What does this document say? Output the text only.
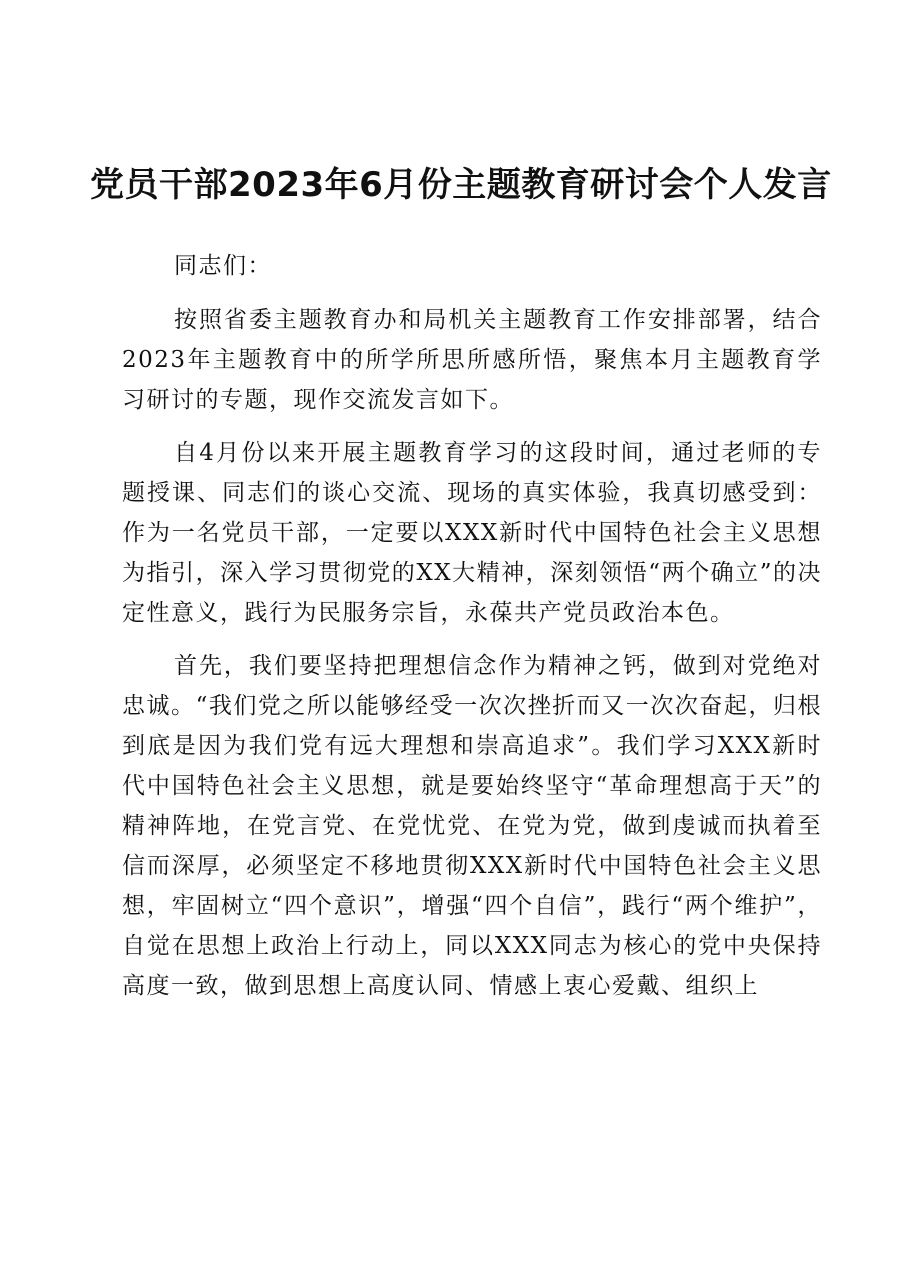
党员干部2023年6月份主题教育研讨会个人发言

同志们：

按照省委主题教育办和局机关主题教育工作安排部署，结合2023年主题教育中的所学所思所感所悟，聚焦本月主题教育学习研讨的专题，现作交流发言如下。

自4月份以来开展主题教育学习的这段时间，通过老师的专题授课、同志们的谈心交流、现场的真实体验，我真切感受到：作为一名党员干部，一定要以XXX新时代中国特色社会主义思想为指引，深入学习贯彻党的XX大精神，深刻领悟“两个确立”的决定性意义，践行为民服务宗旨，永葆共产党员政治本色。

首先，我们要坚持把理想信念作为精神之钙，做到对党绝对忠诚。“我们党之所以能够经受一次次挫折而又一次次奋起，归根到底是因为我们党有远大理想和崇高追求”。我们学习XXX新时代中国特色社会主义思想，就是要始终坚守“革命理想高于天”的精神阵地，在党言党、在党忧党、在党为党，做到虔诚而执着至信而深厚，必须坚定不移地贯彻XXX新时代中国特色社会主义思想，牢固树立“四个意识”，增强“四个自信”，践行“两个维护”，自觉在思想上政治上行动上，同以XXX同志为核心的党中央保持高度一致，做到思想上高度认同、情感上衷心爱戴、组织上
